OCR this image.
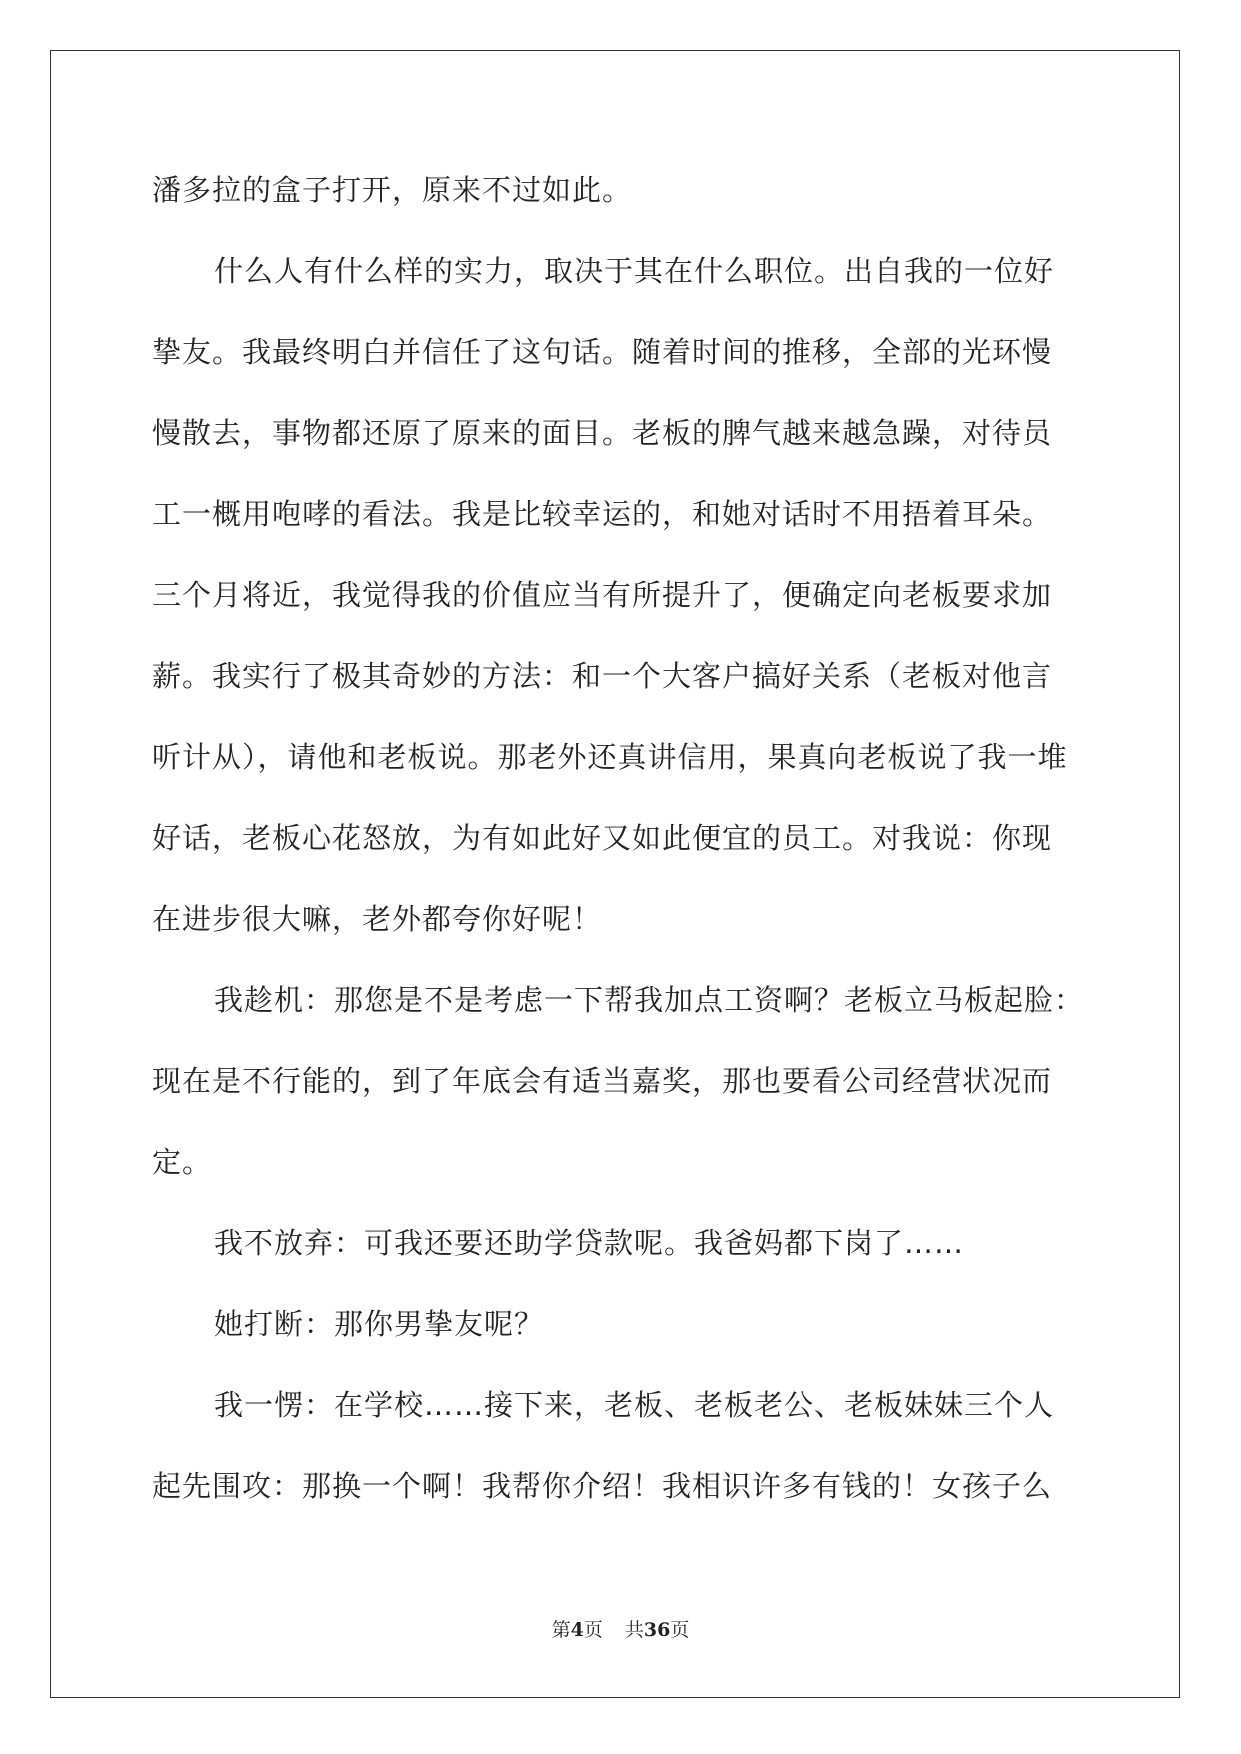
潘多拉的盒子打开，原来不过如此。
什么人有什么样的实力，取决于其在什么职位。出自我的一位好
挚友。我最终明白并信任了这句话。随着时间的推移，全部的光环慢
慢散去，事物都还原了原来的面目。老板的脾气越来越急躁，对待员
工一概用咆哮的看法。我是比较幸运的，和她对话时不用捂着耳朵。
三个月将近，我觉得我的价值应当有所提升了，便确定向老板要求加
薪。我实行了极其奇妙的方法：和一个大客户搞好关系（老板对他言
听计从），请他和老板说。那老外还真讲信用，果真向老板说了我一堆
好话，老板心花怒放，为有如此好又如此便宜的员工。对我说：你现
在进步很大嘛，老外都夸你好呢！
我趁机：那您是不是考虑一下帮我加点工资啊？老板立马板起脸：
现在是不行能的，到了年底会有适当嘉奖，那也要看公司经营状况而
定。
我不放弃：可我还要还助学贷款呢。我爸妈都下岗了……
她打断：那你男挚友呢？
我一愣：在学校……接下来，老板、老板老公、老板妹妹三个人
起先围攻：那换一个啊！我帮你介绍！我相识许多有钱的！女孩子么
第4页 共36页
